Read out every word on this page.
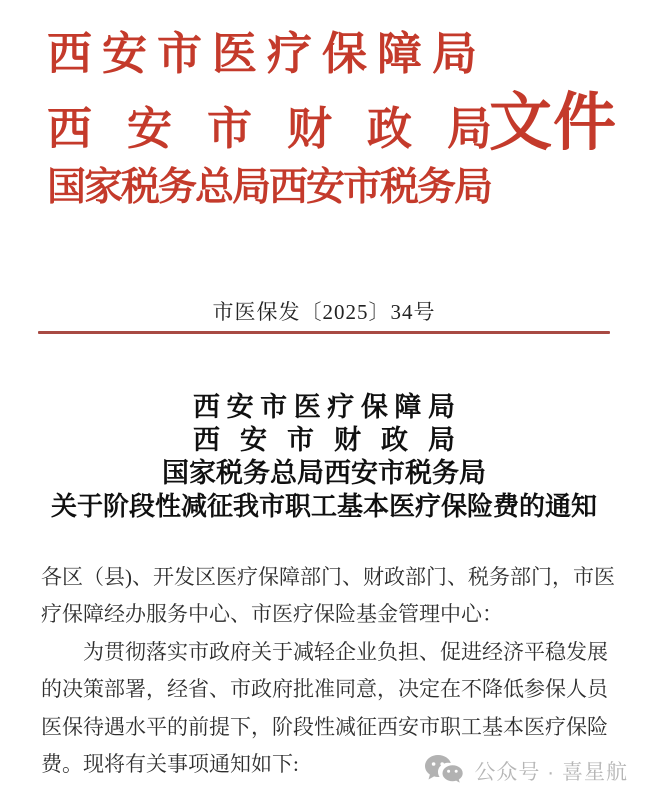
西安市医疗保障局
西安市财政局
文件
国家税务总局西安市税务局
市医保发〔2025〕34号
西安市医疗保障局
西安市财政局
国家税务总局西安市税务局
关于阶段性减征我市职工基本医疗保险费的通知
各区（县)、开发区医疗保障部门、财政部门、税务部门，市医
疗保障经办服务中心、市医疗保险基金管理中心：
为贯彻落实市政府关于减轻企业负担、促进经济平稳发展
的决策部署，经省、市政府批准同意，决定在不降低参保人员
医保待遇水平的前提下，阶段性减征西安市职工基本医疗保险
费。现将有关事项通知如下:	公众号 · 喜星航
